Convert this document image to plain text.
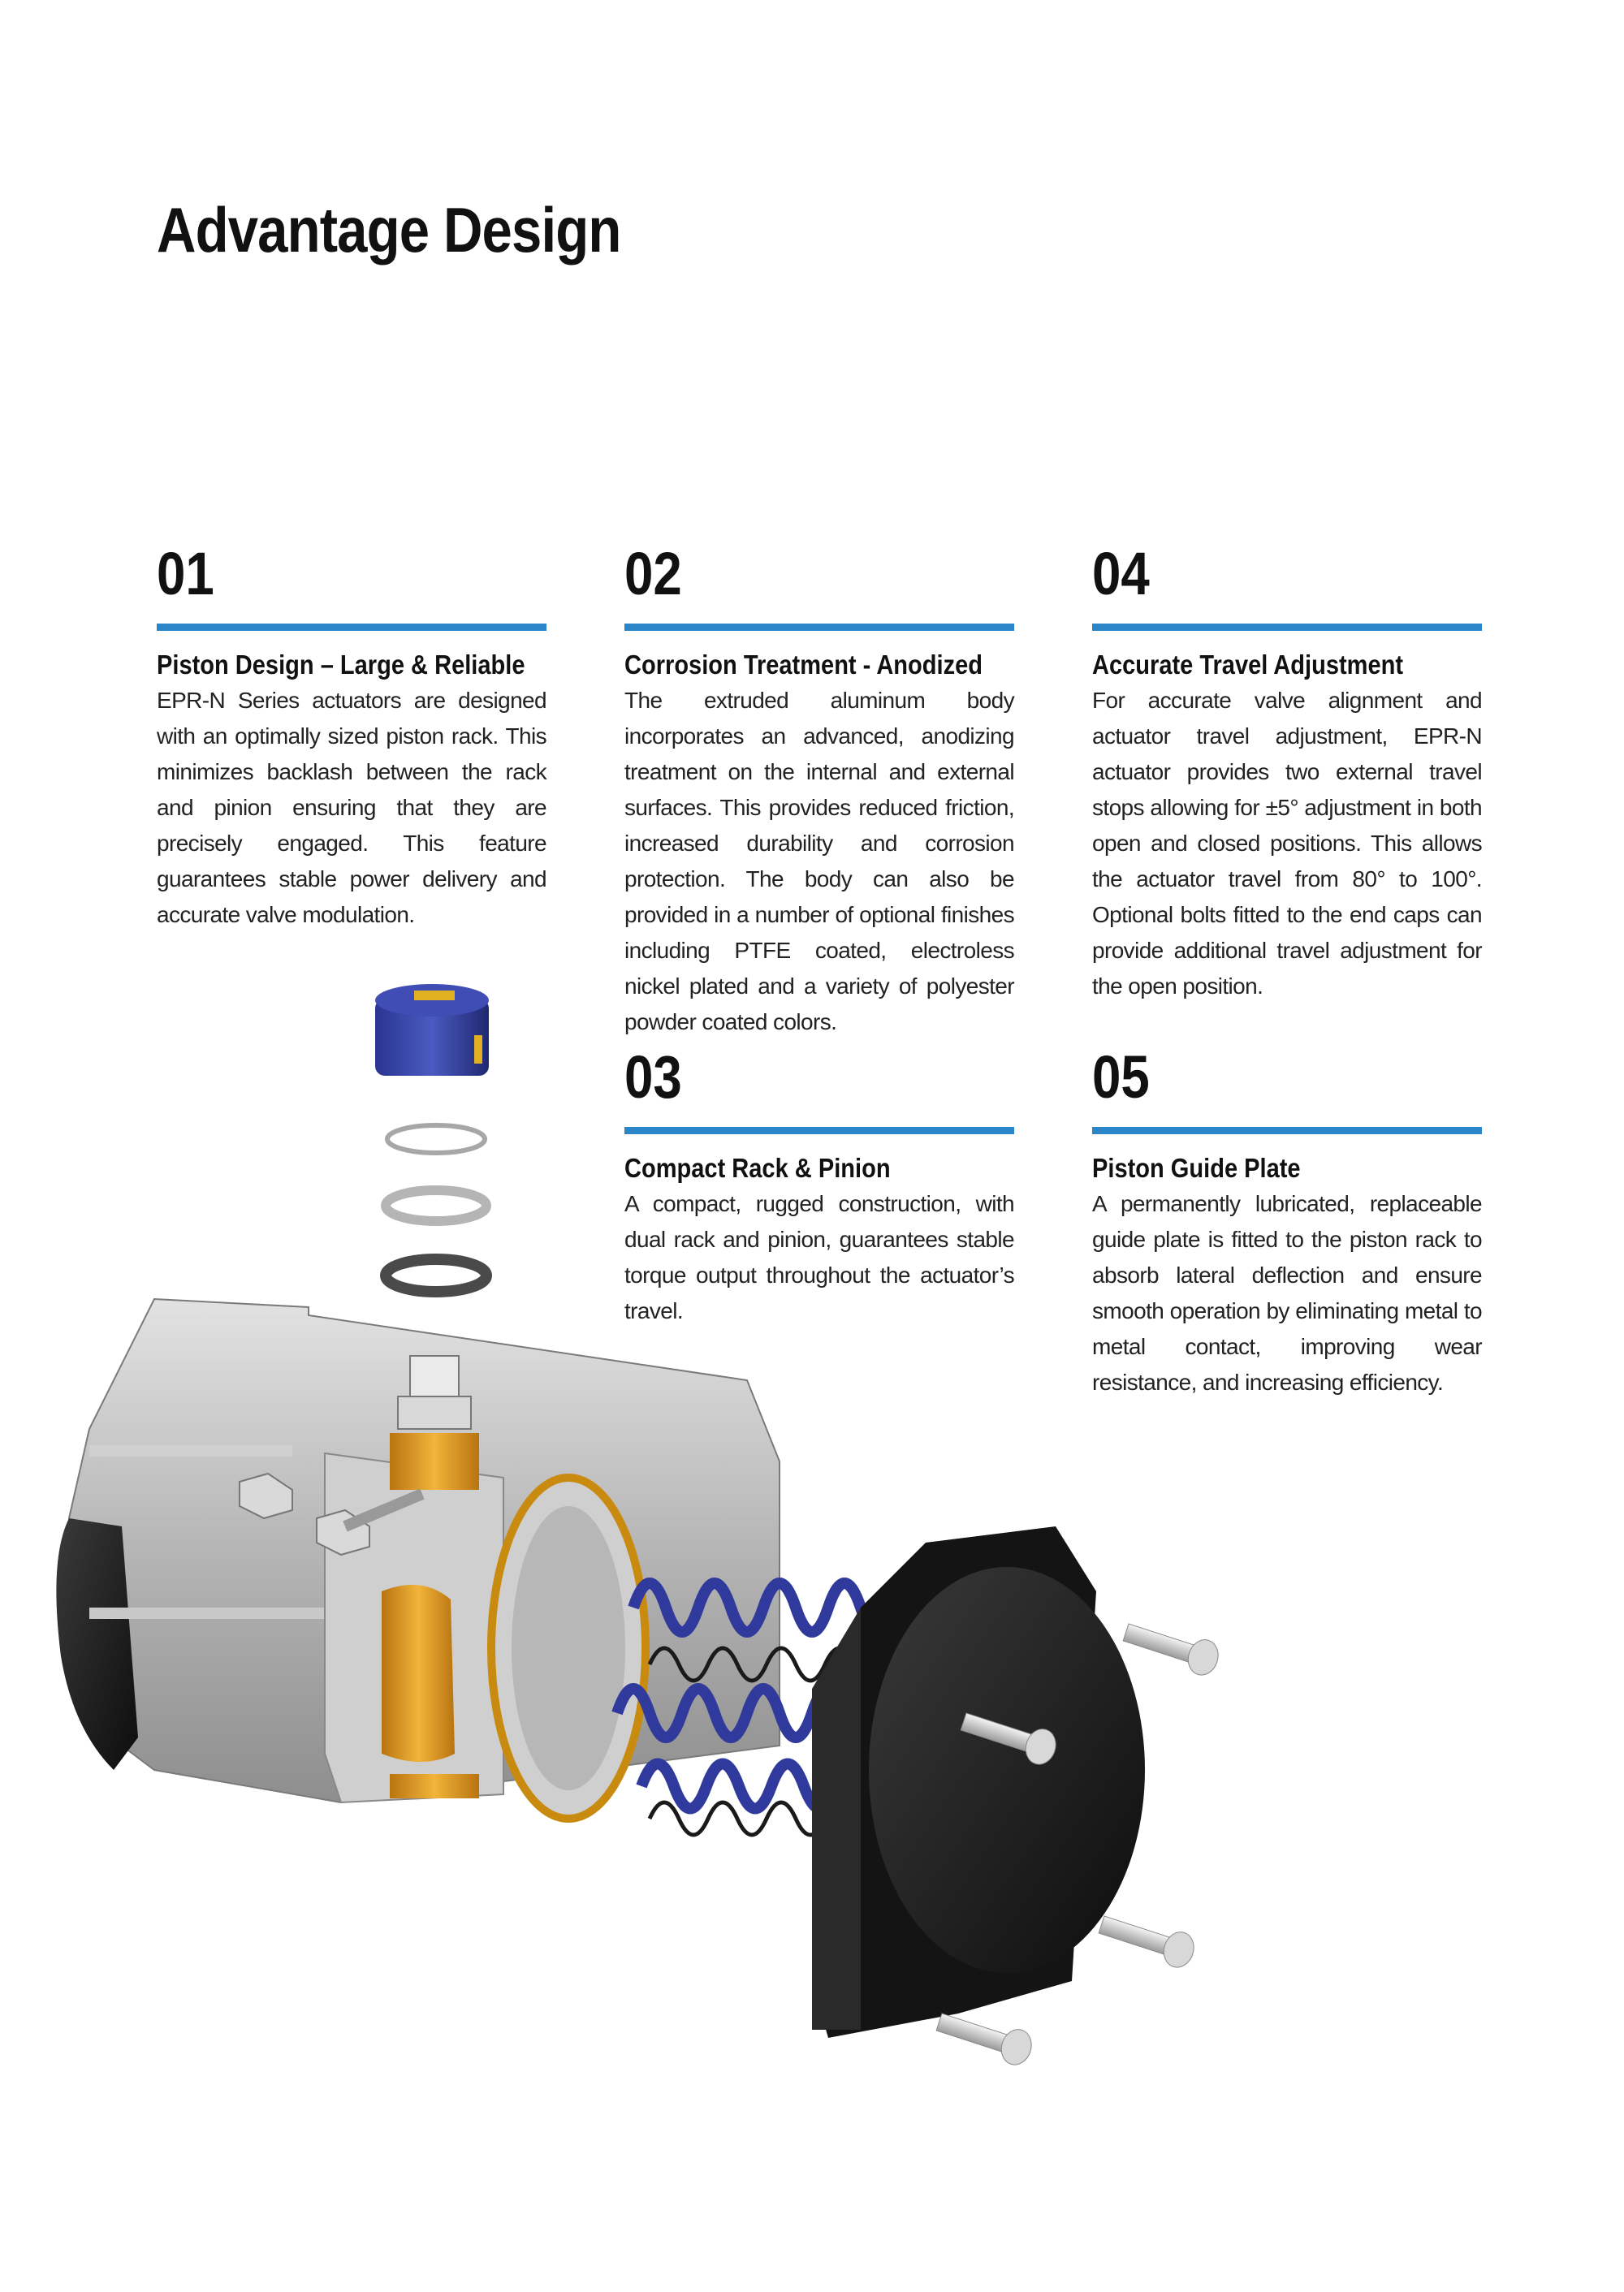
Advantage Design
01
Piston Design – Large & Reliable
EPR-N Series actuators are designed with an optimally sized piston rack. This minimizes backlash between the rack and pinion ensuring that they are precisely engaged. This feature guarantees stable power delivery and accurate valve modulation.
02
Corrosion Treatment - Anodized
The extruded aluminum body incorporates an advanced, anodizing treatment on the internal and external surfaces. This provides reduced friction, increased durability and corrosion protection. The body can also be provided in a number of optional finishes including PTFE coated, electroless nickel plated and a variety of polyester powder coated colors.
04
Accurate Travel Adjustment
For accurate valve alignment and actuator travel adjustment, EPR-N actuator provides two external travel stops allowing for ±5° adjustment in both open and closed positions. This allows the actuator travel from 80° to 100°. Optional bolts fitted to the end caps can provide additional travel adjustment for the open position.
03
Compact Rack & Pinion
A compact, rugged construction, with dual rack and pinion, guarantees stable torque output throughout the actuator’s travel.
05
Piston Guide Plate
A permanently lubricated, replaceable guide plate is fitted to the piston rack to absorb lateral deflection and ensure smooth operation by eliminating metal to metal contact, improving wear resistance, and increasing efficiency.
